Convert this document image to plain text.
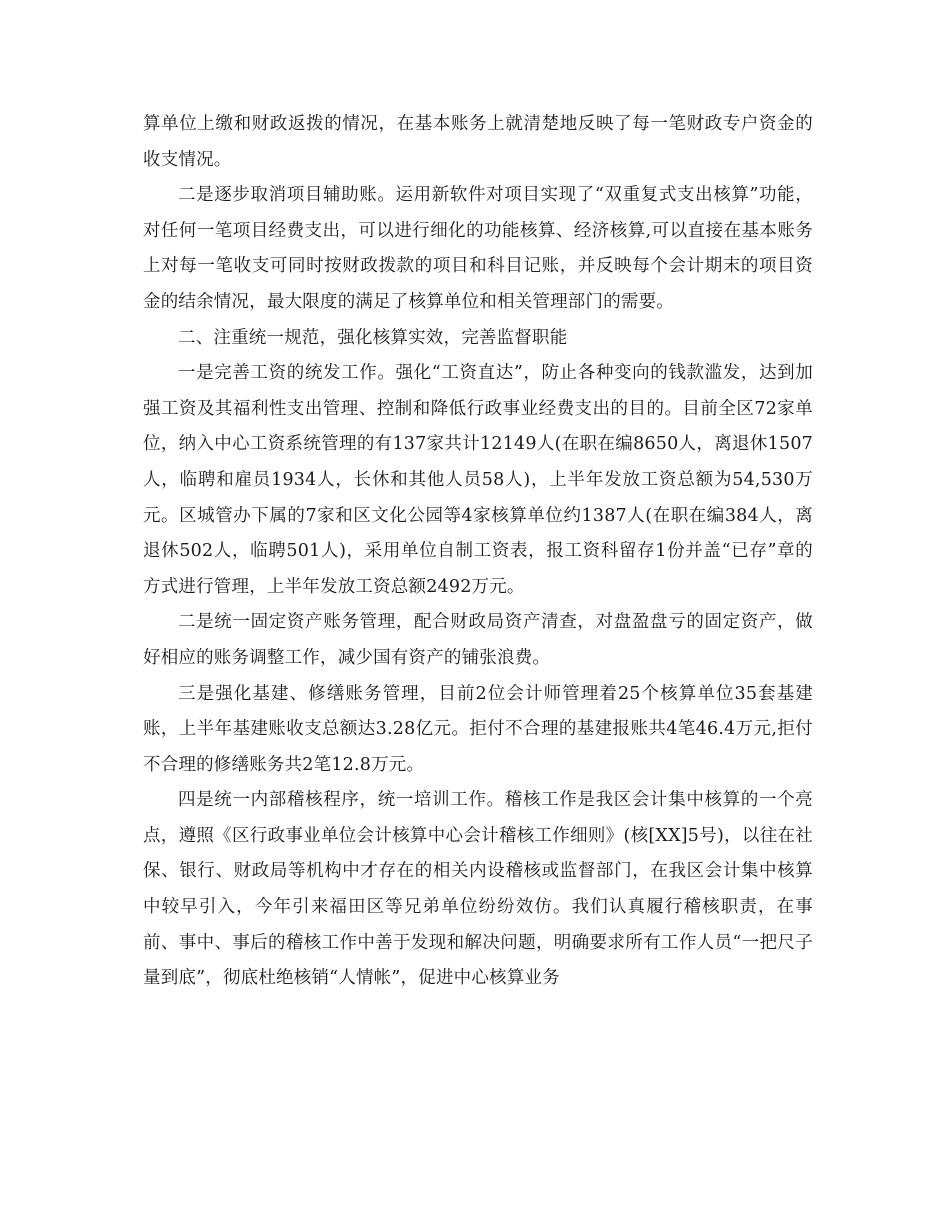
算单位上缴和财政返拨的情况，在基本账务上就清楚地反映了每一笔财政专户资金的收支情况。

二是逐步取消项目辅助账。运用新软件对项目实现了“双重复式支出核算”功能，对任何一笔项目经费支出，可以进行细化的功能核算、经济核算,可以直接在基本账务上对每一笔收支可同时按财政拨款的项目和科目记账，并反映每个会计期末的项目资金的结余情况，最大限度的满足了核算单位和相关管理部门的需要。

二、注重统一规范，强化核算实效，完善监督职能

一是完善工资的统发工作。强化“工资直达”，防止各种变向的钱款滥发，达到加强工资及其福利性支出管理、控制和降低行政事业经费支出的目的。目前全区72家单位，纳入中心工资系统管理的有137家共计12149人(在职在编8650人，离退休1507人，临聘和雇员1934人，长休和其他人员58人)，上半年发放工资总额为54,530万元。区城管办下属的7家和区文化公园等4家核算单位约1387人(在职在编384人，离退休502人，临聘501人)，采用单位自制工资表，报工资科留存1份并盖“已存”章的方式进行管理，上半年发放工资总额2492万元。

二是统一固定资产账务管理，配合财政局资产清查，对盘盈盘亏的固定资产，做好相应的账务调整工作，减少国有资产的铺张浪费。

三是强化基建、修缮账务管理，目前2位会计师管理着25个核算单位35套基建账，上半年基建账收支总额达3.28亿元。拒付不合理的基建报账共4笔46.4万元,拒付不合理的修缮账务共2笔12.8万元。

四是统一内部稽核程序，统一培训工作。稽核工作是我区会计集中核算的一个亮点，遵照《区行政事业单位会计核算中心会计稽核工作细则》(核[XX]5号)，以往在社保、银行、财政局等机构中才存在的相关内设稽核或监督部门，在我区会计集中核算中较早引入，今年引来福田区等兄弟单位纷纷效仿。我们认真履行稽核职责，在事前、事中、事后的稽核工作中善于发现和解决问题，明确要求所有工作人员“一把尺子量到底”，彻底杜绝核销“人情帐”，促进中心核算业务
